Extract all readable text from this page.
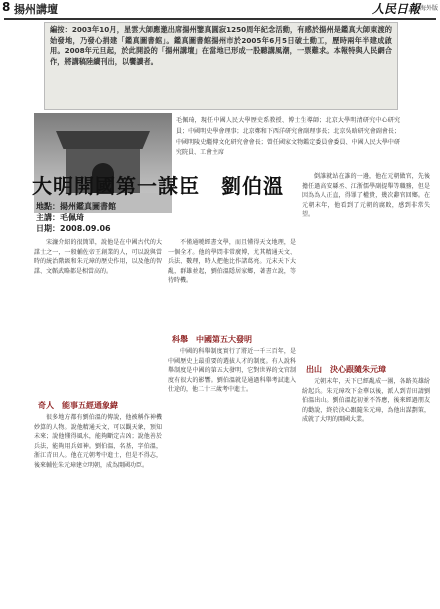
8 揚州講壇	人民日報 海外版
編按：2003年10月，星雲大師應邀出席揚州鑒真圓寂1250周年紀念活動，有感於揚州是鑑真大師東渡的始發地，乃發心捐建「鑑真圖書館」。鑑真圖書館揚州市於2005年6月5日破土動工，歷時兩年半建成啟用。2008年元旦起，於此開設的「揚州講壇」在當地已形成一股聽講風潮，一票難求。本報特與人民網合作，將講稿陸續刊出，以饗讀者。
毛佩琦，現任中國人民大學歷史系教授、博士生導師；北京大學明清研究中心研究員；中國明史學會理事；北京鄭和下西洋研究會副理事長；北京吳晗研究會副會長；中國明陵史繼傳文化研究會會長；曾任國家文物鑑定委員會委員、中國人民大學中研究院員、工會主席
大明開國第一謀臣　劉伯溫
地點：揚州鑑真圖書館
主講：毛佩琦
日期：2008.09.06

宋濂介紹的很簡單，說他是在中國古代的大謀士之一，一般輔佐帝王創業的人，可以說與當時的統治階級和朱元璋的歷史作用，以及他的智謀、文韜武略都是相當高的。

奇人　能事五經通象緯

很多地方都有劉伯溫的傳說，他被稱作神機妙算的人物。說他精通天文，可以觀天象，預知未來；說他懂得風水，能夠斷定吉凶；說他善於兵法，能夠用兵如神。劉伯溫，名基，字伯溫，浙江青田人。他在元朝考中進士，但是不得志，後來輔佐朱元璋建立明朝，成為開國功臣。

不僅通曉經書文學，而且懂得天文地理，是一個全才。他的學問非常廣博，尤其精通天文、兵法、數理，時人把他比作諸葛亮。元末天下大亂，群雄並起，劉伯溫隱居家鄉，著書立說，等待時機。

科舉　中國第五大發明

中國的科舉制度實行了將近一千三百年，是中國歷史上最重要的選拔人才的制度。有人說科舉制度是中國的第五大發明，它對世界的文官制度有很大的影響。劉伯溫就是通過科舉考試進入仕途的，他二十三歲考中進士。

倒誰就站在誰的一邊，他在元朝做官，先後擔任過高安縣丞、江浙儒學副提舉等職務，但是因為為人正直，得罪了權貴，幾次辭官回鄉。在元朝末年，他看到了元朝的腐敗，感到非常失望。

出山　決心跟隨朱元璋

元朝末年，天下已經亂成一團，各路英雄紛紛起兵。朱元璋攻下金華以後，派人到青田請劉伯溫出山。劉伯溫起初並不答應，後來經過朋友的勸說，終於決心跟隨朱元璋，為他出謀劃策，成就了大明的開國大業。
